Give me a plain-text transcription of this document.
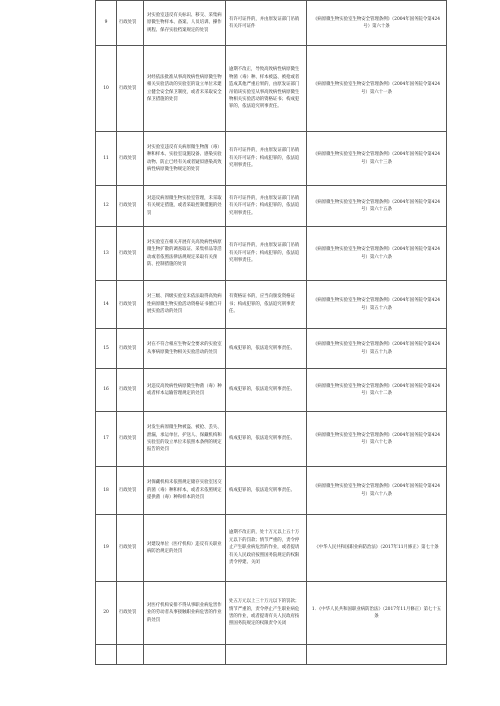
9	行政处罚	对实验室违反有关标识、移交、采集病原微生物样本、备案、人员培训、操作规程、保存实验档案规定的处罚	有许可证件的，并由原发证部门吊销有关许可证件	《病原微生物实验室生物安全管理条例》（2004年国务院令第424号）第六十条
10	行政处罚	对经依法批准从事高致病性病原微生物相关实验活动的实验室的设立单位未建立健全安全保卫制度，或者未采取安全保卫措施的处罚	逾期不改正，导致高致病性病原微生物菌（毒）种、样本被盗、被抢或者造成其他严重后果的，由原发证部门吊销该实验室从事高致病性病原微生物相关实验活动的资格证书；构成犯罪的，依法追究刑事责任。	《病原微生物实验室生物安全管理条例》（2004年国务院令第424号）第六十一条
11	行政处罚	对实验室违反有关病原微生物菌（毒）种和样本、实验室设施设备、感染实验动物、防止已经有关或者疑似感染高致病性病原微生物规定的处罚	有许可证件的，并由原发证部门吊销有关许可证件；构成犯罪的，依法追究刑事责任。	《病原微生物实验室生物安全管理条例》（2004年国务院令第424号）第六十三条
12	行政处罚	对违反病原微生物实验室管理，未采取有关规定措施，或者采取控制措施的处罚	有许可证件的，并由原发证部门吊销有关许可证件；构成犯罪的，依法追究刑事责任。	《病原微生物实验室生物安全管理条例》（2004年国务院令第424号）第六十五条
13	行政处罚	对实验室在相关开展有关高致病性病原微生物扩散的调查取证、采集样品等活动或者依照法律法规规定采取有关预防、控制措施的处罚	有许可证件的，并由原发证部门吊销有关许可证件；构成犯罪的，依法追究刑事责任。	《病原微生物实验室生物安全管理条例》（2004年国务院令第424号）第六十六条
14	行政处罚	对三级、四级实验室未依法取得高致病性病原微生物实验活动资格证书擅自开展实验活动的处罚	有资格证书的，应当向颁发资格证书；构成犯罪的，依法追究刑事责任。	《病原微生物实验室生物安全管理条例》（2004年国务院令第424号）第五十六条
15	行政处罚	对在不符合相应生物安全要求的实验室从事病原微生物相关实验活动的处罚	构成犯罪的，依法追究刑事责任。	《病原微生物实验室生物安全管理条例》（2004年国务院令第424号）第五十九条
16	行政处罚	对违反高致病性病原微生物菌（毒）种或者样本运输管理规定的处罚	构成犯罪的，依法追究刑事责任。	《病原微生物实验室生物安全管理条例》（2004年国务院令第424号）第六十二条
17	行政处罚	对发生病原微生物被盗、被抢、丢失、泄漏，承运单位、护送人、保藏机构和实验室的设立单位未依照本条例的规定报告的处罚	构成犯罪的，依法追究刑事责任。	《病原微生物实验室生物安全管理条例》（2004年国务院令第424号）第六十七条
18	行政处罚	对保藏机构未依照规定储存实验室送交的菌（毒）种和样本，或者未依照规定提供菌（毒）种和样本的处罚	构成犯罪的，依法追究刑事责任。	《病原微生物实验室生物安全管理条例》（2004年国务院令第424号）第六十八条
19	行政处罚	对建设单位（医疗机构）违反有关职业病防治规定的处罚	逾期不改正的，处十万元以上五十万元以下的罚款；情节严重的，责令停止产生职业病危害的作业，或者提请有关人民政府按照国务院规定的权限责令停建、关闭	《中华人民共和国职业病防治法》（2017年11月修正）第七十条
20	行政处罚	对医疗机构安排不得从事职业病危害作业的劳动者从事接触职业病危害的作业的处罚	处五万元以上三十万元以下的罚款；情节严重的，责令停止产生职业病危害的作业，或者提请有关人民政府按照国务院规定的权限责令关闭	1．《中华人民共和国职业病防治法》（2017年11月修正）第七十五条
